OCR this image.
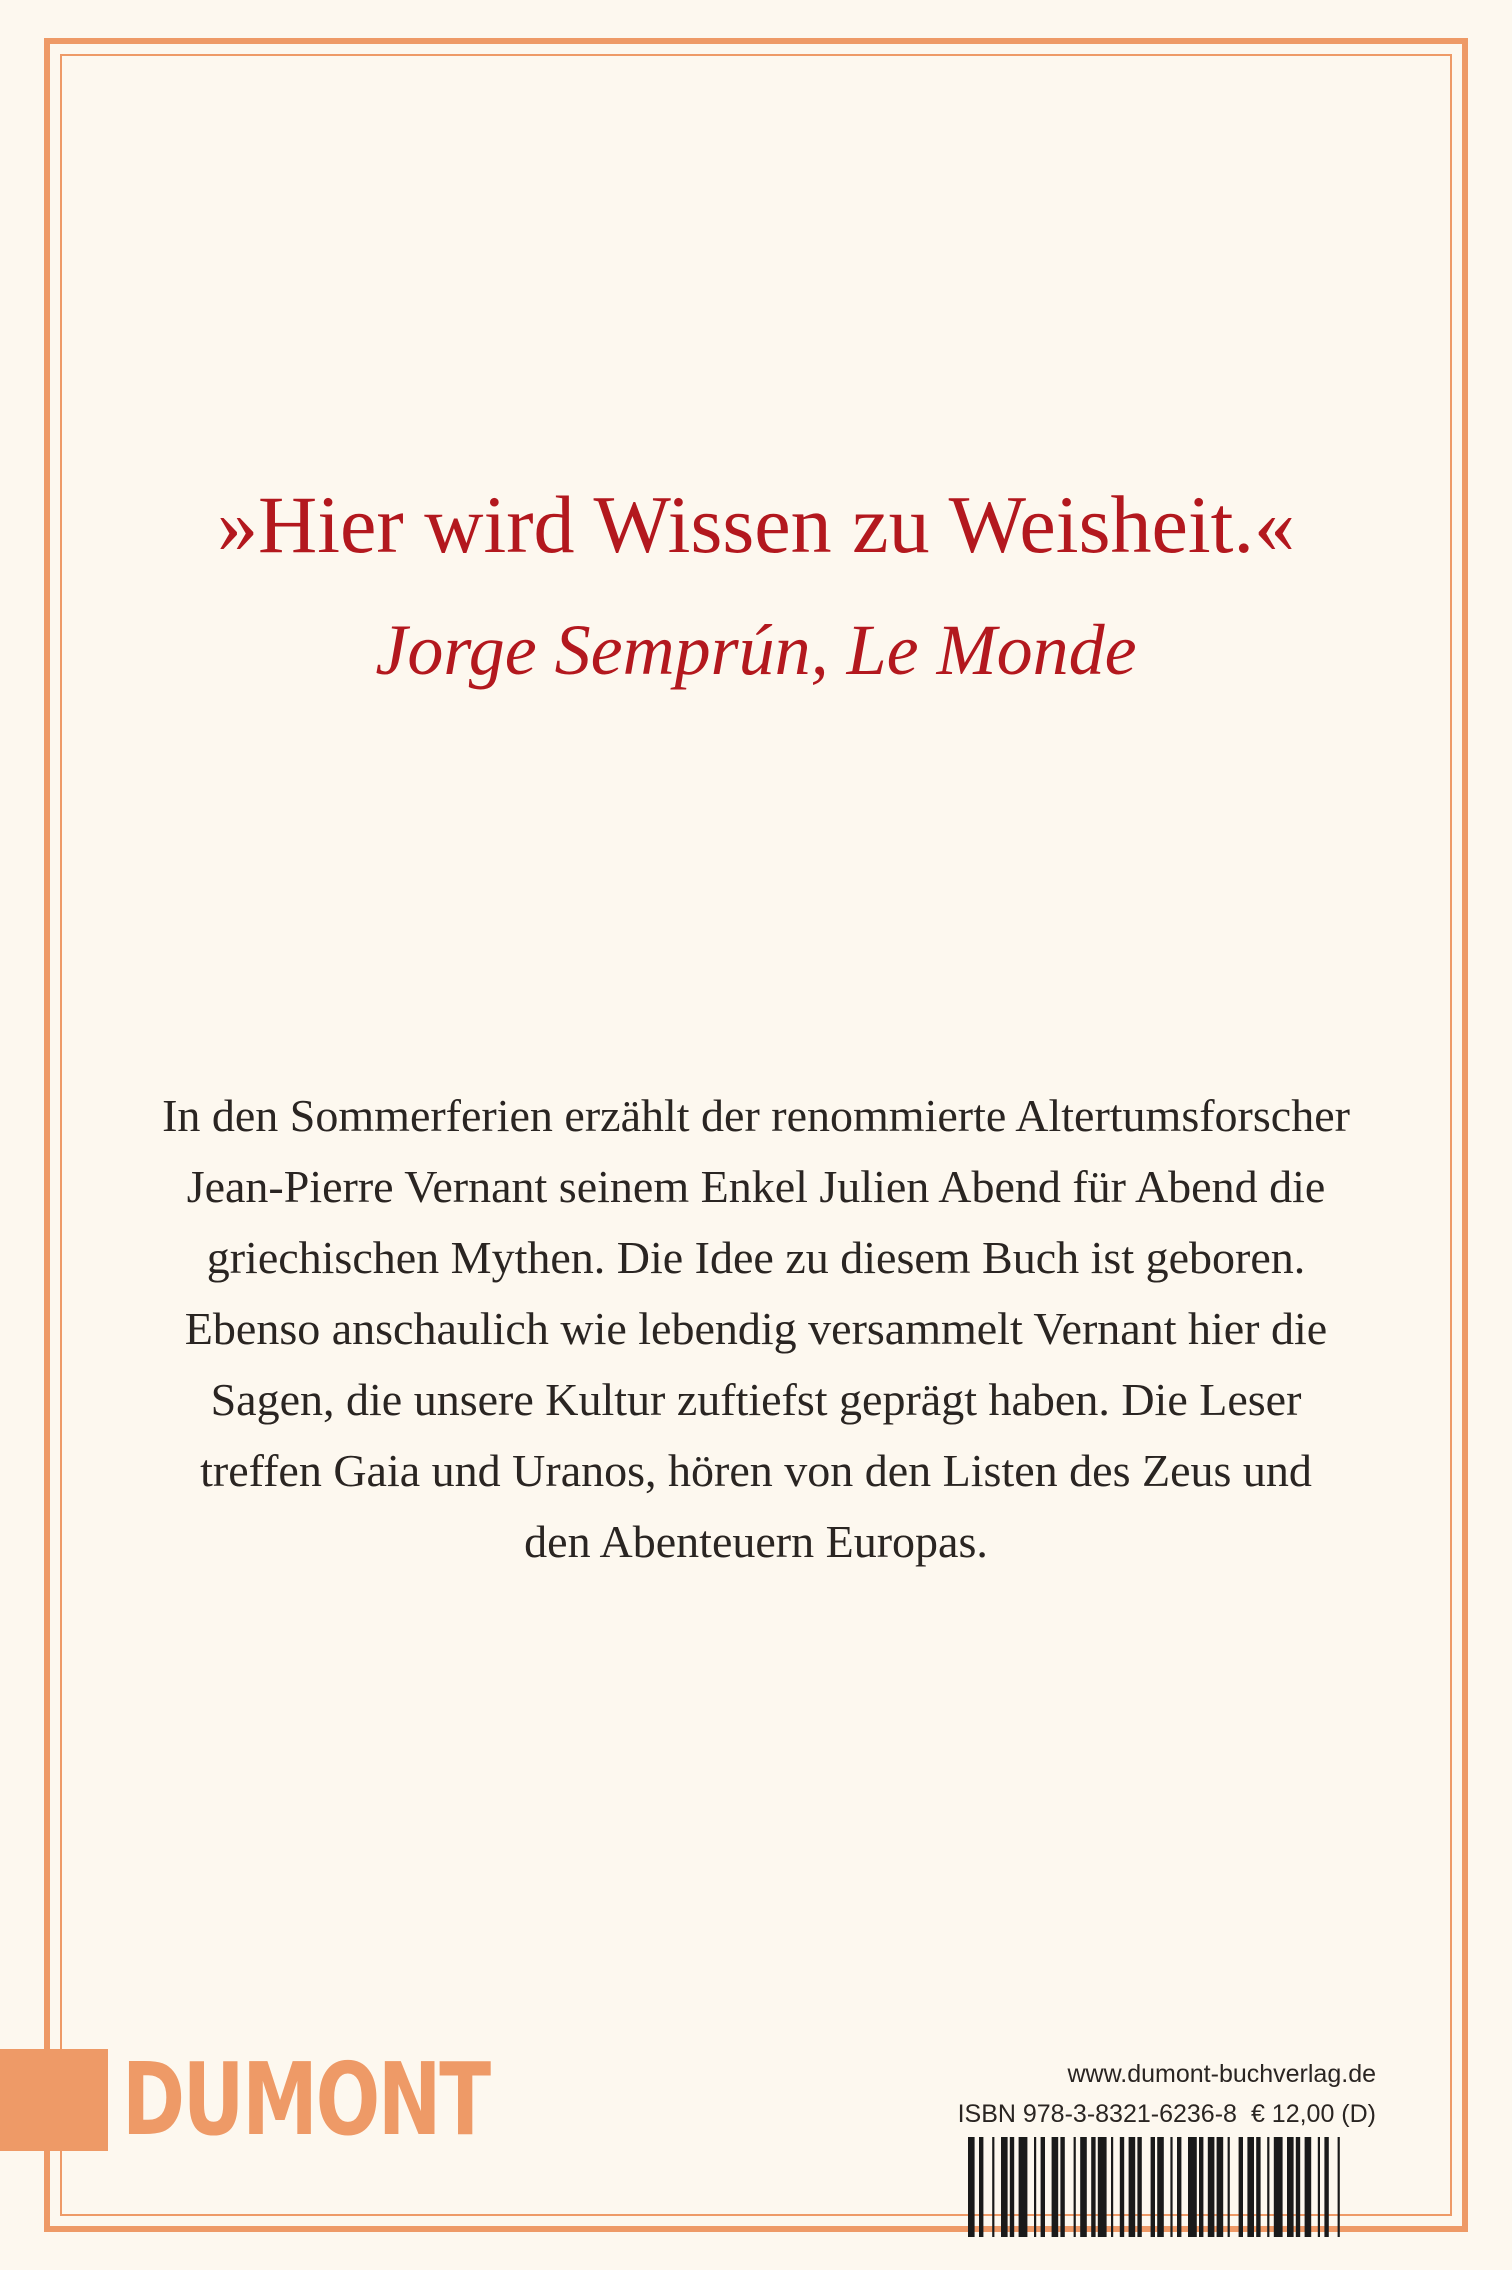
»Hier wird Wissen zu Weisheit.«
Jorge Semprún, Le Monde
In den Sommerferien erzählt der renommierte Altertumsforscher
Jean-Pierre Vernant seinem Enkel Julien Abend für Abend die
griechischen Mythen. Die Idee zu diesem Buch ist geboren.
Ebenso anschaulich wie lebendig versammelt Vernant hier die
Sagen, die unsere Kultur zuftiefst geprägt haben. Die Leser
treffen Gaia und Uranos, hören von den Listen des Zeus und
den Abenteuern Europas.
DUMONT	www.dumont-buchverlag.de
ISBN 978-3-8321-6236-8 € 12,00 (D)
